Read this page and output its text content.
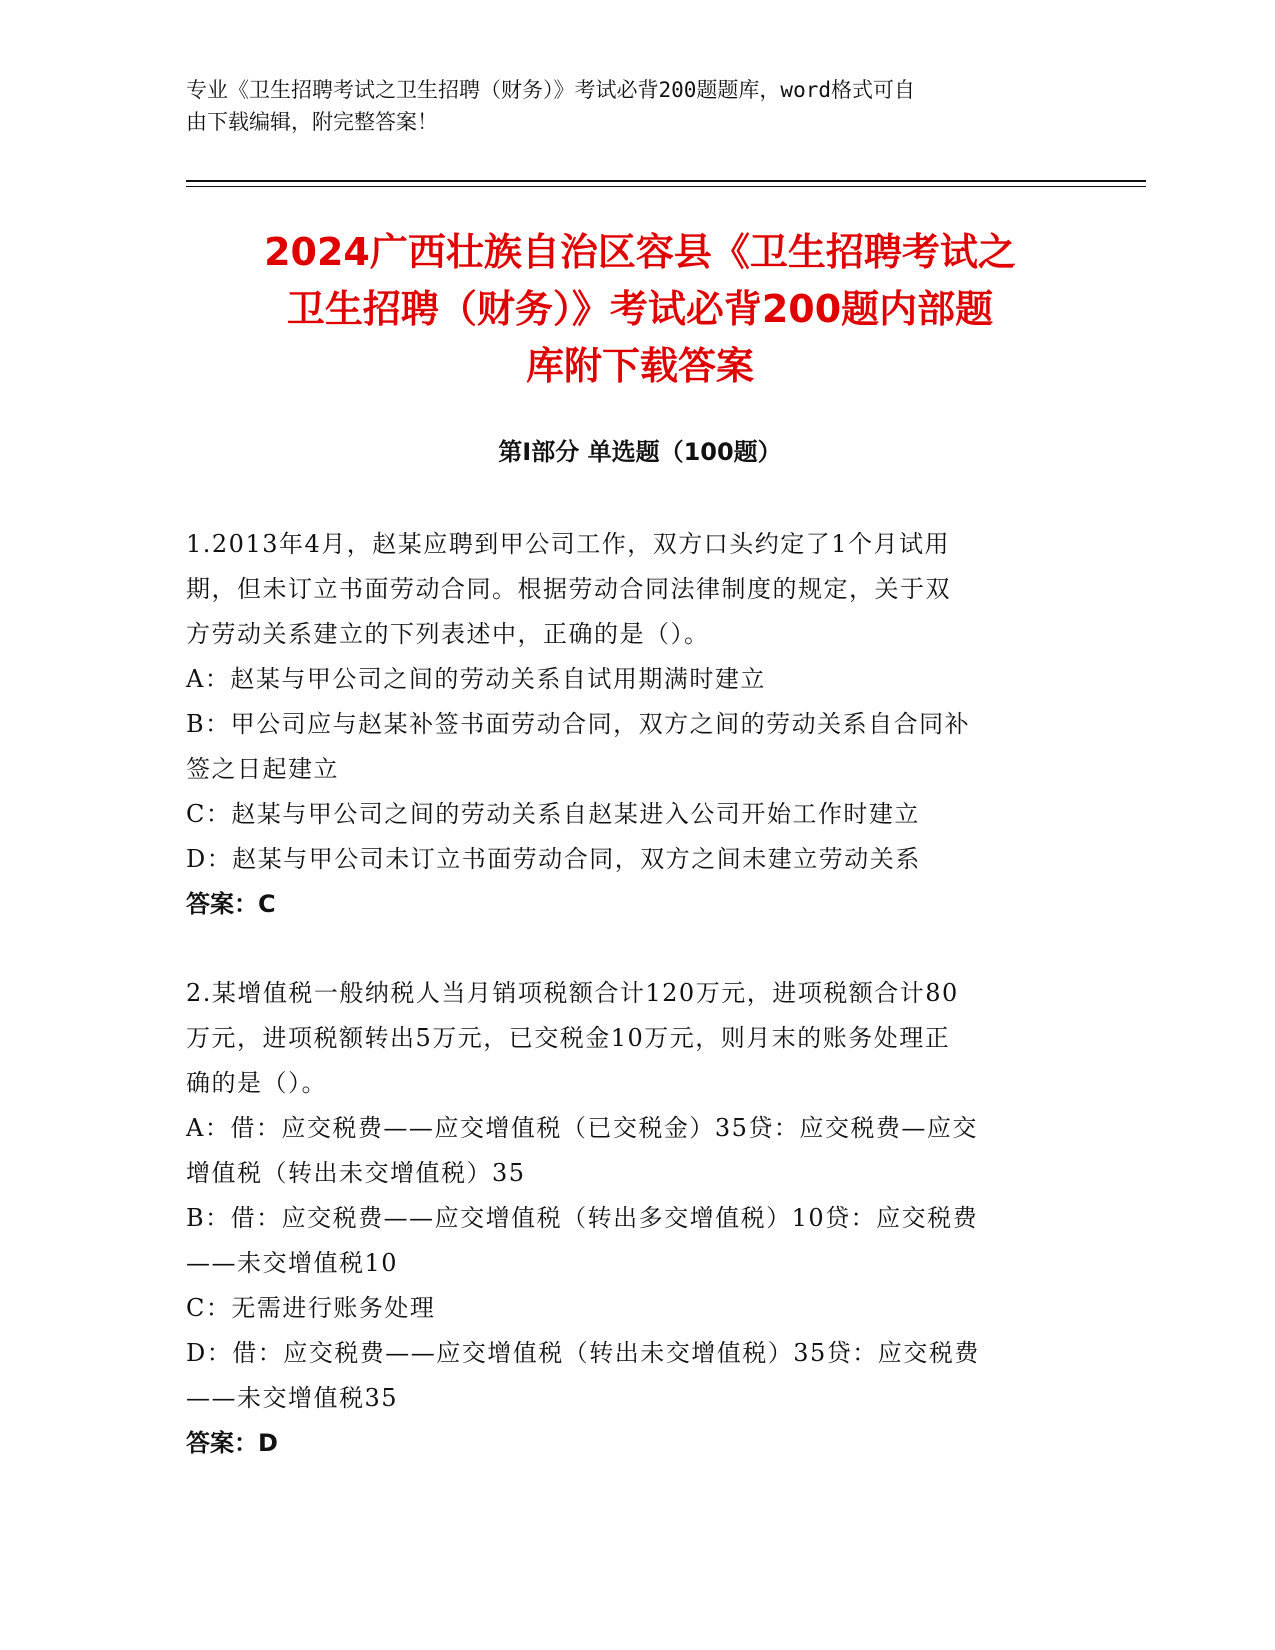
专业《卫生招聘考试之卫生招聘（财务）》考试必背200题题库，word格式可自
由下载编辑，附完整答案！
2024广西壮族自治区容县《卫生招聘考试之
卫生招聘（财务）》考试必背200题内部题
库附下载答案
第Ⅰ部分 单选题（100题）

1.2013年4月，赵某应聘到甲公司工作，双方口头约定了1个月试用

期，但未订立书面劳动合同。根据劳动合同法律制度的规定，关于双

方劳动关系建立的下列表述中，正确的是（）。

A：赵某与甲公司之间的劳动关系自试用期满时建立

B：甲公司应与赵某补签书面劳动合同，双方之间的劳动关系自合同补

签之日起建立

C：赵某与甲公司之间的劳动关系自赵某进入公司开始工作时建立

D：赵某与甲公司未订立书面劳动合同，双方之间未建立劳动关系

答案：C

2.某增值税一般纳税人当月销项税额合计120万元，进项税额合计80

万元，进项税额转出5万元，已交税金10万元，则月末的账务处理正

确的是（）。

A：借：应交税费——应交增值税（已交税金）35贷：应交税费—应交

增值税（转出未交增值税）35

B：借：应交税费——应交增值税（转出多交增值税）10贷：应交税费

——未交增值税10

C：无需进行账务处理

D：借：应交税费——应交增值税（转出未交增值税）35贷：应交税费

——未交增值税35

答案：D
